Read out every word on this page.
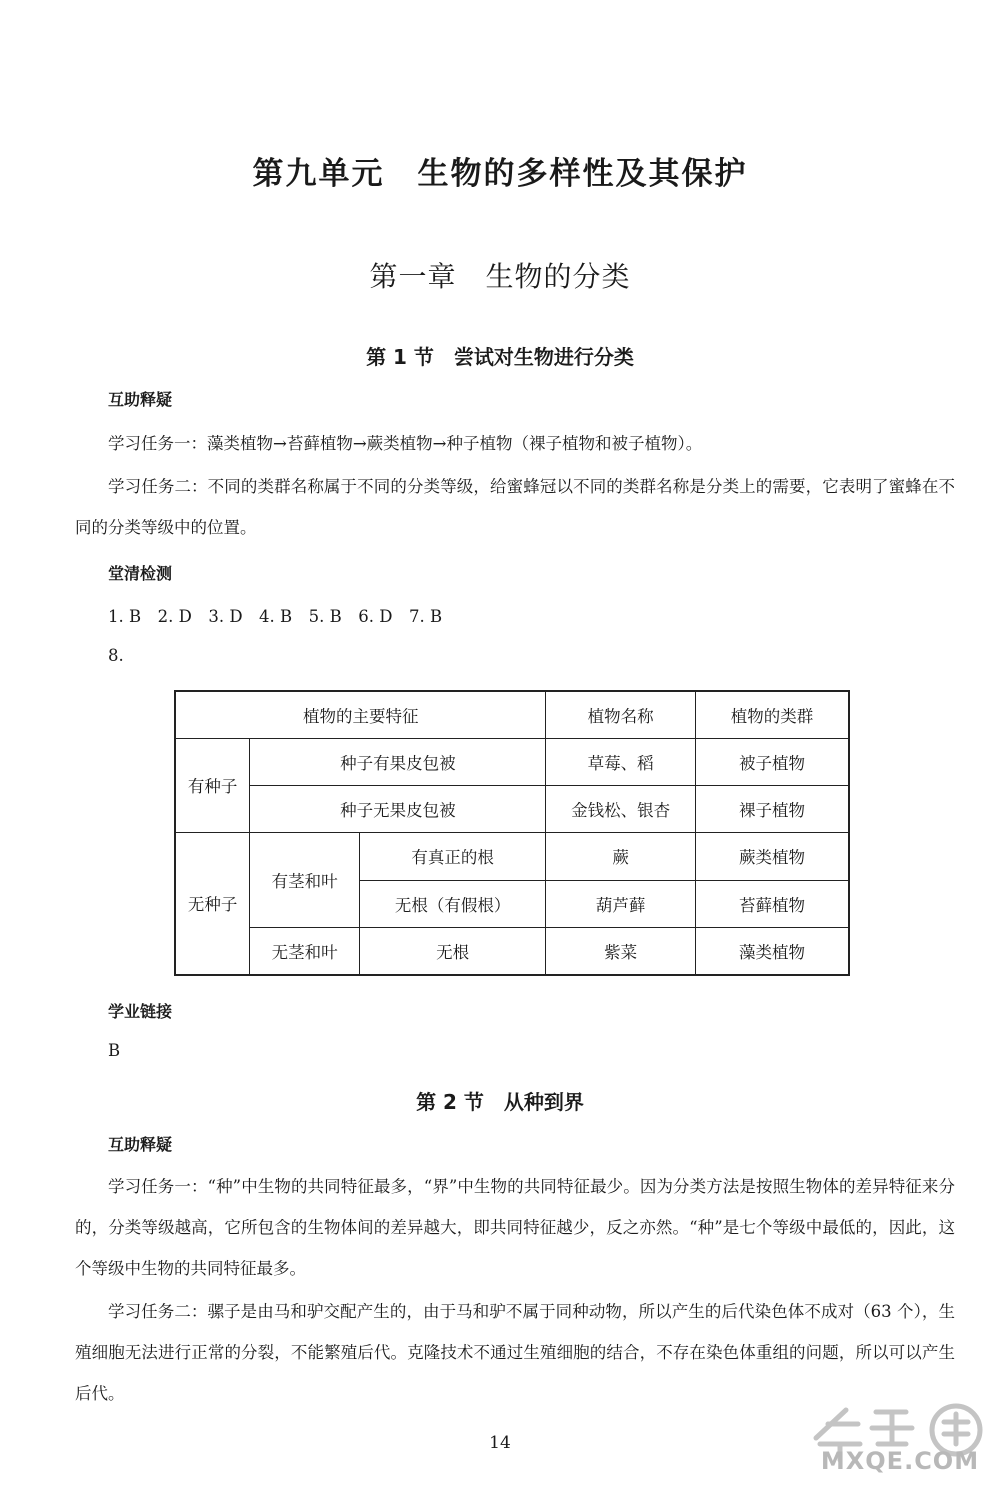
第九单元　生物的多样性及其保护
第一章　生物的分类
第 1 节　尝试对生物进行分类
互助释疑
学习任务一：藻类植物→苔藓植物→蕨类植物→种子植物（裸子植物和被子植物）。
学习任务二：不同的类群名称属于不同的分类等级，给蜜蜂冠以不同的类群名称是分类上的需要，它表明了蜜蜂在不同的分类等级中的位置。
堂清检测
1. B　2. D　3. D　4. B　5. B　6. D　7. B
8.
植物的主要特征			植物名称	植物的类群
有种子	种子有果皮包被		草莓、稻	被子植物
	种子无果皮包被		金钱松、银杏	裸子植物
无种子	有茎和叶	有真正的根	蕨	蕨类植物
		无根（有假根）	葫芦藓	苔藓植物
	无茎和叶	无根	紫菜	藻类植物
学业链接
B
第 2 节　从种到界
互助释疑
学习任务一：“种”中生物的共同特征最多，“界”中生物的共同特征最少。因为分类方法是按照生物体的差异特征来分的，分类等级越高，它所包含的生物体间的差异越大，即共同特征越少，反之亦然。“种”是七个等级中最低的，因此，这个等级中生物的共同特征最多。
学习任务二：骡子是由马和驴交配产生的，由于马和驴不属于同种动物，所以产生的后代染色体不成对（63 个），生殖细胞无法进行正常的分裂，不能繁殖后代。克隆技术不通过生殖细胞的结合，不存在染色体重组的问题，所以可以产生后代。
14
MXQE.COM
